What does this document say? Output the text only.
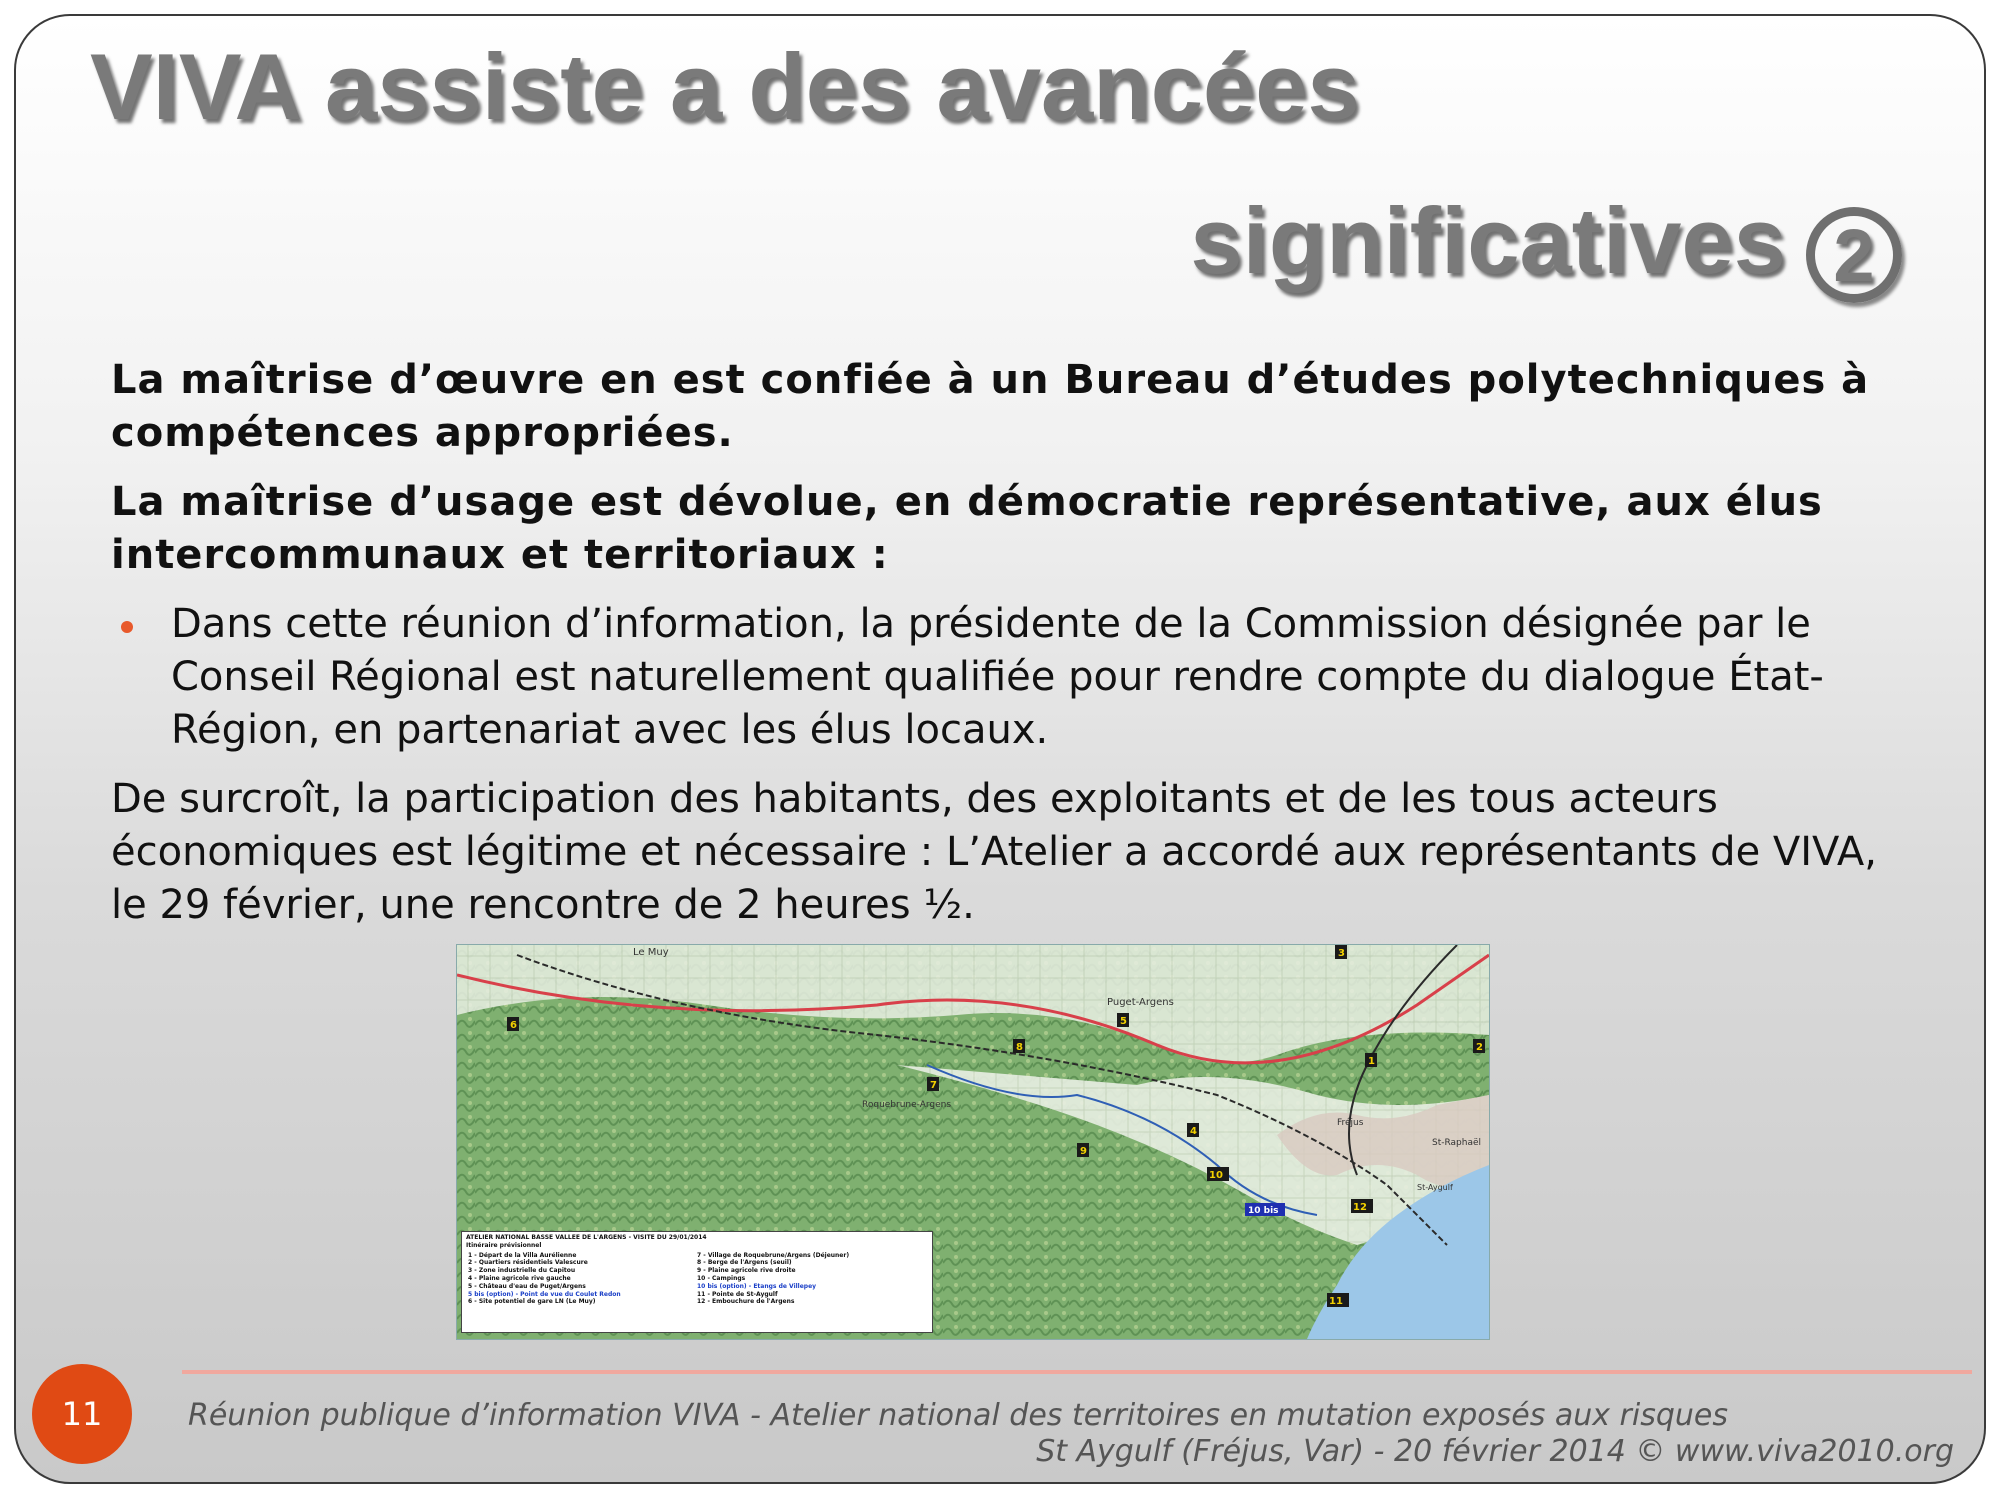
VIVA assiste a des avancées
significatives 2

La maîtrise d’œuvre en est confiée à un Bureau d’études polytechniques à compétences appropriées.

La maîtrise d’usage est dévolue, en démocratie représentative, aux élus intercommunaux et territoriaux :

Dans cette réunion d’information, la présidente de la Commission désignée par le Conseil Régional est naturellement qualifiée pour rendre compte du dialogue État-Région, en partenariat avec les élus locaux.

De surcroît, la participation des habitants, des exploitants et de les tous acteurs économiques est légitime et nécessaire : L’Atelier a accordé aux représentants de VIVA, le 29 février, une rencontre de 2 heures ½.

Le Muy
Puget-Argens
Roquebrune-Argens
Fréjus
St-Raphaël
St-Aygulf
1
2
3
4
5
6
7
8
9
10
10 bis
11
12
ATELIER NATIONAL BASSE VALLEE DE L'ARGENS - VISITE DU 29/01/2014
Itinéraire prévisionnel
1 - Départ de la Villa Aurélienne
2 - Quartiers résidentiels Valescure
3 - Zone industrielle du Capitou
4 - Plaine agricole rive gauche
5 - Château d'eau de Puget/Argens
5 bis (option) - Point de vue du Coulet Redon
6 - Site potentiel de gare LN (Le Muy)
7 - Village de Roquebrune/Argens (Déjeuner)
8 - Berge de l'Argens (seuil)
9 - Plaine agricole rive droite
10 - Campings
10 bis (option) - Etangs de Villepey
11 - Pointe de St-Aygulf
12 - Embouchure de l'Argens
11	Réunion publique d’information VIVA - Atelier national des territoires en mutation exposés aux risques
St Aygulf (Fréjus, Var) - 20 février 2014 © www.viva2010.org
